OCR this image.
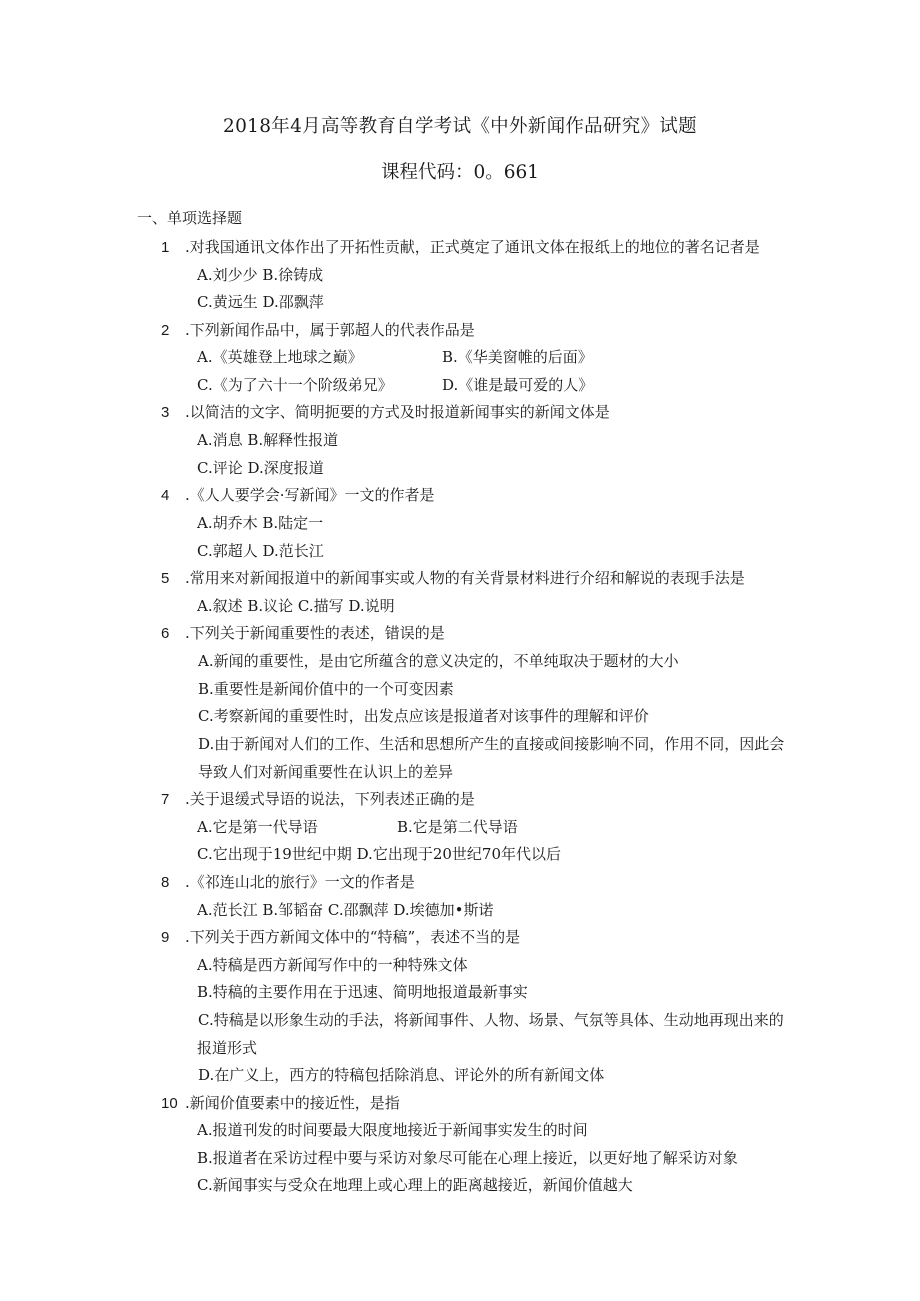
2018年4月高等教育自学考试《中外新闻作品研究》试题
课程代码：0。661
一、单项选择题
1 .对我国通讯文体作出了开拓性贡献，正式奠定了通讯文体在报纸上的地位的著名记者是
A.刘少少 B.徐铸成
C.黄远生 D.邵飘萍
2 .下列新闻作品中，属于郭超人的代表作品是
A.《英雄登上地球之巅》	B.《华美窗帷的后面》
C.《为了六十一个阶级弟兄》	D.《谁是最可爱的人》
3 .以简洁的文字、简明扼要的方式及时报道新闻事实的新闻文体是
A.消息 B.解释性报道
C.评论 D.深度报道
4 .《人人要学会·写新闻》一文的作者是
A.胡乔木 B.陆定一
C.郭超人 D.范长江
5 .常用来对新闻报道中的新闻事实或人物的有关背景材料进行介绍和解说的表现手法是
A.叙述 B.议论 C.描写 D.说明
6 .下列关于新闻重要性的表述，错误的是
A.新闻的重要性，是由它所蕴含的意义决定的，不单纯取决于题材的大小
B.重要性是新闻价值中的一个可变因素
C.考察新闻的重要性时，出发点应该是报道者对该事件的理解和评价
D.由于新闻对人们的工作、生活和思想所产生的直接或间接影响不同，作用不同，因此会
导致人们对新闻重要性在认识上的差异
7 .关于退缓式导语的说法，下列表述正确的是
A.它是第一代导语	B.它是第二代导语
C.它出现于19世纪中期 D.它出现于20世纪70年代以后
8 .《祁连山北的旅行》一文的作者是
A.范长江 B.邹韬奋 C.邵飘萍 D.埃德加•斯诺
9 .下列关于西方新闻文体中的“特稿”，表述不当的是
A.特稿是西方新闻写作中的一种特殊文体
B.特稿的主要作用在于迅速、简明地报道最新事实
C.特稿是以形象生动的手法，将新闻事件、人物、场景、气氛等具体、生动地再现出来的
报道形式
D.在广义上，西方的特稿包括除消息、评论外的所有新闻文体
10 .新闻价值要素中的接近性，是指
A.报道刊发的时间要最大限度地接近于新闻事实发生的时间
B.报道者在采访过程中要与采访对象尽可能在心理上接近，以更好地了解采访对象
C.新闻事实与受众在地理上或心理上的距离越接近，新闻价值越大
